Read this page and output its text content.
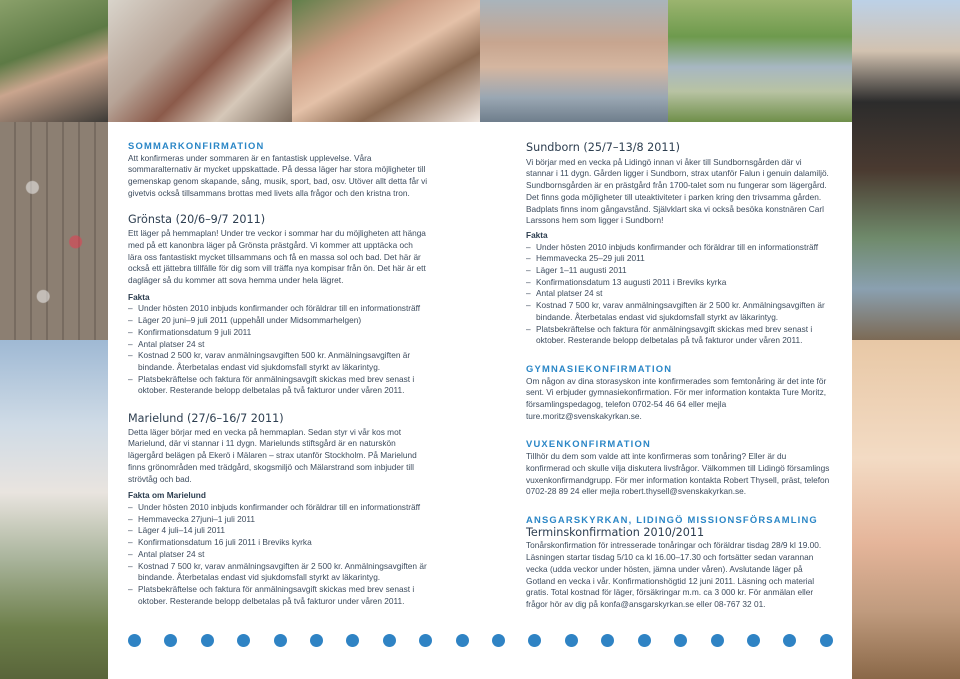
SOMMARKONFIRMATION

Att konfirmeras under sommaren är en fantastisk upplevelse. Våra sommaralternativ är mycket uppskattade. På dessa läger har stora möjligheter till gemenskap genom skapande, sång, musik, sport, bad, osv. Utöver allt detta får vi givetvis också tillsammans brottas med livets alla frågor och den kristna tron.

Grönsta (20/6–9/7 2011)

Ett läger på hemmaplan! Under tre veckor i sommar har du möjligheten att hänga med på ett kanonbra läger på Grönsta prästgård. Vi kommer att upptäcka och lära oss fantastiskt mycket tillsammans och få en massa sol och bad. Det här är också ett jättebra tillfälle för dig som vill träffa nya kompisar från ön. Det här är ett dagläger så du kommer att sova hemma under hela lägret.

Fakta
– Under hösten 2010 inbjuds konfirmander och föräldrar till en informationsträff
– Läger 20 juni–9 juli 2011 (uppehåll under Midsommarhelgen)
– Konfirmationsdatum 9 juli 2011
– Antal platser 24 st
– Kostnad 2 500 kr, varav anmälningsavgiften 500 kr. Anmälningsavgiften är bindande. Återbetalas endast vid sjukdomsfall styrkt av läkarintyg.
– Platsbekräftelse och faktura för anmälningsavgift skickas med brev senast i oktober. Resterande belopp delbetalas på två fakturor under våren 2011.
Marielund (27/6–16/7 2011)

Detta läger börjar med en vecka på hemmaplan. Sedan styr vi vår kos mot Marielund, där vi stannar i 11 dygn. Marielunds stiftsgård är en naturskön lägergård belägen på Ekerö i Mälaren – strax utanför Stockholm. På Marielund finns grönområden med trädgård, skogsmiljö och Mälarstrand som inbjuder till strövtåg och bad.

Fakta om Marielund
– Under hösten 2010 inbjuds konfirmander och föräldrar till en informationsträff
– Hemmavecka 27juni–1 juli 2011
– Läger 4 juli–14 juli 2011
– Konfirmationsdatum 16 juli 2011 i Breviks kyrka
– Antal platser 24 st
– Kostnad 7 500 kr, varav anmälningsavgiften är 2 500 kr. Anmälningsavgiften är bindande. Återbetalas endast vid sjukdomsfall styrkt av läkarintyg.
– Platsbekräftelse och faktura för anmälningsavgift skickas med brev senast i oktober. Resterande belopp delbetalas på två fakturor under våren 2011.
Sundborn (25/7–13/8 2011)

Vi börjar med en vecka på Lidingö innan vi åker till Sundbornsgården där vi stannar i 11 dygn. Gården ligger i Sundborn, strax utanför Falun i genuin dalamiljö. Sundbornsgården är en prästgård från 1700-talet som nu fungerar som lägergård. Det finns goda möjligheter till uteaktiviteter i parken kring den trivsamma gården. Badplats finns inom gångavstånd. Självklart ska vi också besöka konstnären Carl Larssons hem som ligger i Sundborn!

Fakta
– Under hösten 2010 inbjuds konfirmander och föräldrar till en informationsträff
– Hemmavecka 25–29 juli 2011
– Läger 1–11 augusti 2011
– Konfirmationsdatum 13 augusti 2011 i Breviks kyrka
– Antal platser 24 st
– Kostnad 7 500 kr, varav anmälningsavgiften är 2 500 kr. Anmälningsavgiften är bindande. Återbetalas endast vid sjukdomsfall styrkt av läkarintyg.
– Platsbekräftelse och faktura för anmälningsavgift skickas med brev senast i oktober. Resterande belopp delbetalas på två fakturor under våren 2011.
GYMNASIEKONFIRMATION

Om någon av dina storasyskon inte konfirmerades som femtonåring är det inte för sent. Vi erbjuder gymnasiekonfirmation. För mer information kontakta Ture Moritz, församlingspedagog, telefon 0702-54 46 64 eller mejla ture.moritz@svenskakyrkan.se.

VUXENKONFIRMATION

Tillhör du dem som valde att inte konfirmeras som tonåring? Eller är du konfirmerad och skulle vilja diskutera livsfrågor. Välkommen till Lidingö församlings vuxenkonfirmandgrupp. För mer information kontakta Robert Thysell, präst, telefon 0702-28 89 24 eller mejla robert.thysell@svenskakyrkan.se.

ANSGARSKYRKAN, LIDINGÖ MISSIONSFÖRSAMLING
Terminskonfirmation 2010/2011

Tonårskonfirmation för intresserade tonåringar och föräldrar tisdag 28/9 kl 19.00. Läsningen startar tisdag 5/10 ca kl 16.00–17.30 och fortsätter sedan varannan vecka (udda veckor under hösten, jämna under våren). Avslutande läger på Gotland en vecka i vår. Konfirmationshögtid 12 juni 2011. Läsning och material gratis. Total kostnad för läger, försäkringar m.m. ca 3 000 kr. För anmälan eller frågor hör av dig på konfa@ansgarskyrkan.se eller 08-767 32 01.
